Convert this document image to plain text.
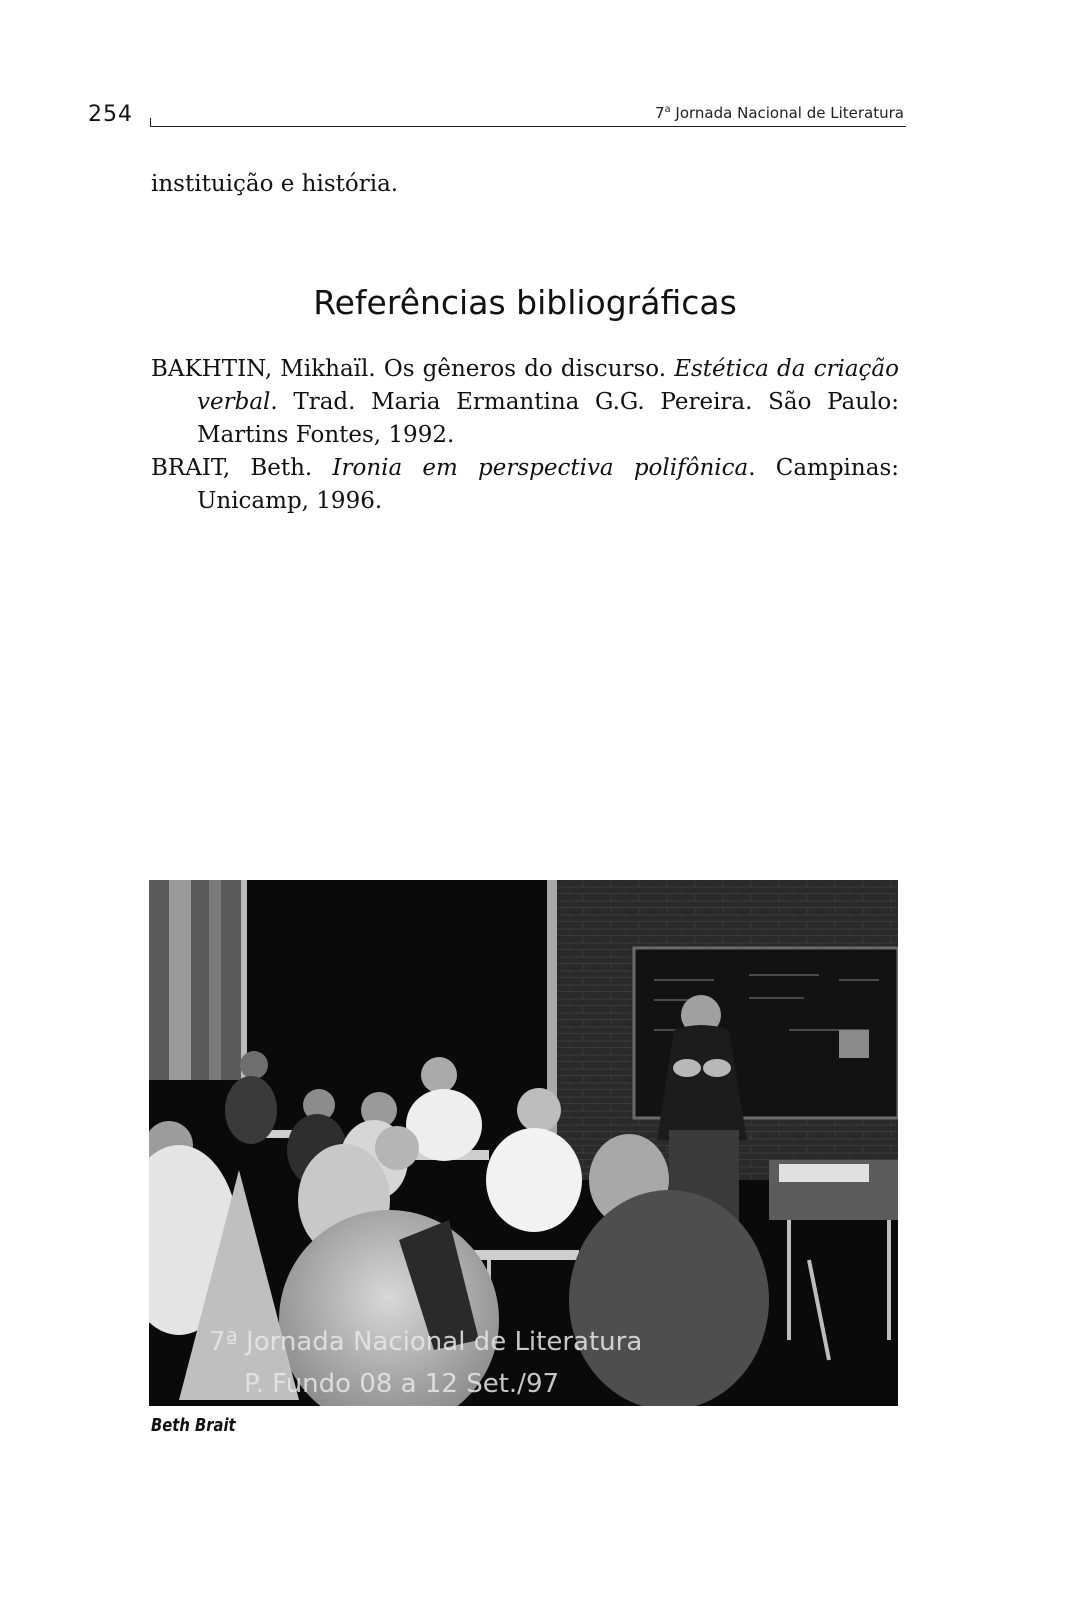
254	7$^a$ Jornada Nacional de Literatura
instituição e história.
Referências bibliográficas

BAKHTIN, Mikhaïl. Os gêneros do discurso. Estética da criação verbal. Trad. Maria Ermantina G.G. Pereira. São Paulo: Martins Fontes, 1992.

BRAIT, Beth. Ironia em perspectiva polifônica. Campinas: Unicamp, 1996.

7ª Jornada Nacional de Literatura
P. Fundo 08 a 12 Set./97
Beth Brait
